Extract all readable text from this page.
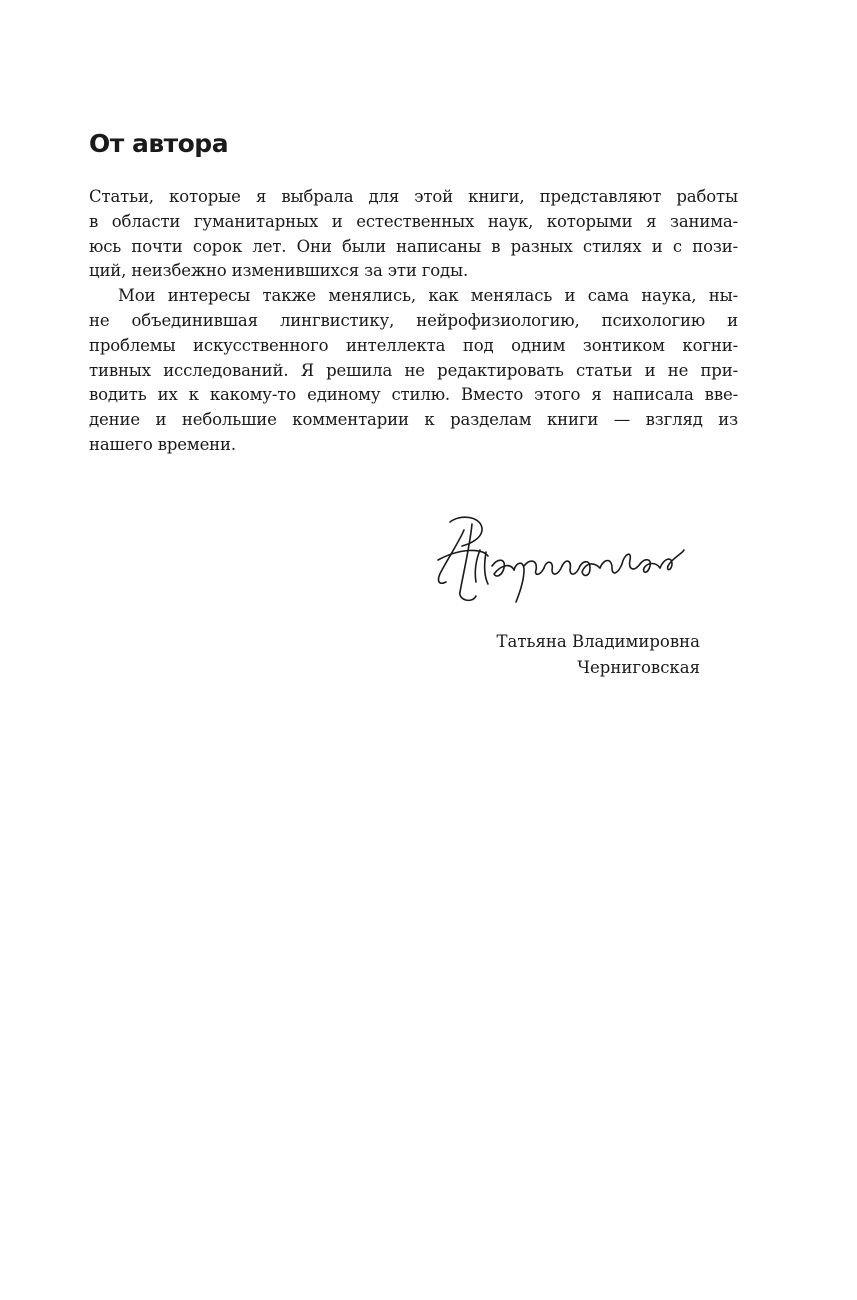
От автора

Статьи, которые я выбрала для этой книги, представляют работы
в области гуманитарных и естественных наук, которыми я занима-
юсь почти сорок лет. Они были написаны в разных стилях и с пози-
ций, неизбежно изменившихся за эти годы.

Мои интересы также менялись, как менялась и сама наука, ны-
не объединившая лингвистику, нейрофизиологию, психологию и
проблемы искусственного интеллекта под одним зонтиком когни-
тивных исследований. Я решила не редактировать статьи и не при-
водить их к какому-то единому стилю. Вместо этого я написала вве-
дение и небольшие комментарии к разделам книги — взгляд из
нашего времени.

Татьяна Владимировна
Черниговская
